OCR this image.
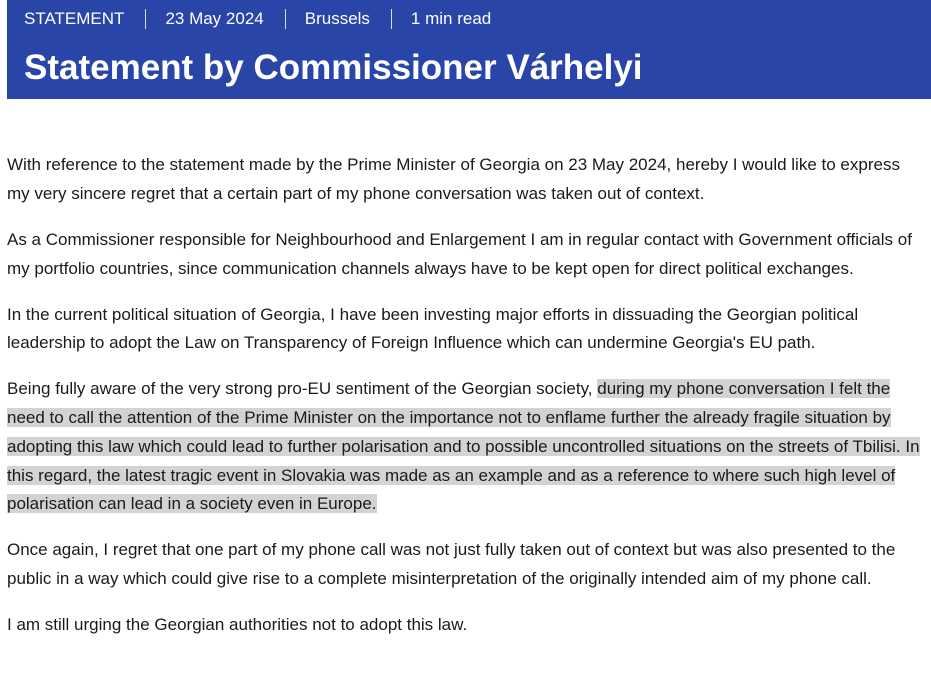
STATEMENT 23 May 2024 Brussels 1 min read
Statement by Commissioner Várhelyi

With reference to the statement made by the Prime Minister of Georgia on 23 May 2024, hereby I would like to express my very sincere regret that a certain part of my phone conversation was taken out of context.

As a Commissioner responsible for Neighbourhood and Enlargement I am in regular contact with Government officials of my portfolio countries, since communication channels always have to be kept open for direct political exchanges.

In the current political situation of Georgia, I have been investing major efforts in dissuading the Georgian political leadership to adopt the Law on Transparency of Foreign Influence which can undermine Georgia's EU path.

Being fully aware of the very strong pro-EU sentiment of the Georgian society, during my phone conversation I felt the need to call the attention of the Prime Minister on the importance not to enflame further the already fragile situation by adopting this law which could lead to further polarisation and to possible uncontrolled situations on the streets of Tbilisi. In this regard, the latest tragic event in Slovakia was made as an example and as a reference to where such high level of polarisation can lead in a society even in Europe.

Once again, I regret that one part of my phone call was not just fully taken out of context but was also presented to the public in a way which could give rise to a complete misinterpretation of the originally intended aim of my phone call.

I am still urging the Georgian authorities not to adopt this law.
